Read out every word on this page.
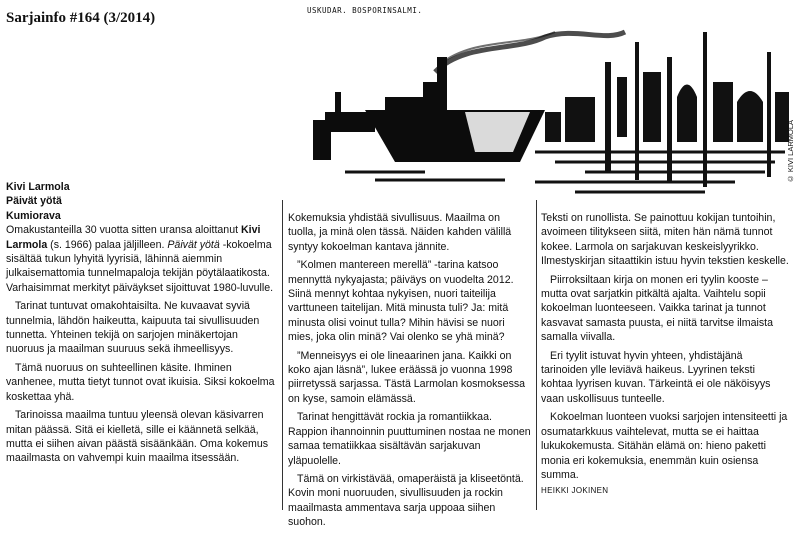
Sarjainfo #164 (3/2014)	USKUDAR. BOSPORINSALMI.
© KIVI LARMOLA
Kivi Larmola
Päivät yötä
Kumiorava

Omakustanteilla 30 vuotta sitten uransa aloittanut Kivi Larmola (s. 1966) palaa jäljilleen. Päivät yötä -kokoelma sisältää tukun lyhyitä lyyrisiä, lähinnä aiemmin julkaisemattomia tunnelmapaloja tekijän pöytälaatikosta. Varhaisimmat merkityt päiväykset sijoittuvat 1980-luvulle.

Tarinat tuntuvat omakohtaisilta. Ne kuvaavat syviä tunnelmia, lähdön haikeutta, kaipuuta tai sivullisuuden tunnetta. Yhteinen tekijä on sarjojen minäkertojan nuoruus ja maailman suuruus sekä ihmeellisyys.

Tämä nuoruus on suhteellinen käsite. Ihminen vanhenee, mutta tietyt tunnot ovat ikuisia. Siksi kokoelma koskettaa yhä.

Tarinoissa maailma tuntuu yleensä olevan käsivarren mitan päässä. Sitä ei kielletä, sille ei käännetä selkää, mutta ei siihen aivan päästä sisäänkään. Oma kokemus maailmasta on vahvempi kuin maailma itsessään.

Kokemuksia yhdistää sivullisuus. Maailma on tuolla, ja minä olen tässä. Näiden kahden välillä syntyy kokoelman kantava jännite.

”Kolmen mantereen merellä” -tarina katsoo mennyttä nykyajasta; päiväys on vuodelta 2012. Siinä mennyt kohtaa nykyisen, nuori taiteilija varttuneen taitelijan. Mitä minusta tuli? Ja: mitä minusta olisi voinut tulla? Mihin hävisi se nuori mies, joka olin minä? Vai olenko se yhä minä?

”Menneisyys ei ole lineaarinen jana. Kaikki on koko ajan läsnä”, lukee eräässä jo vuonna 1998 piirretyssä sarjassa. Tästä Larmolan kosmoksessa on kyse, samoin elämässä.

Tarinat hengittävät rockia ja romantiikkaa. Rappion ihannoinnin puuttuminen nostaa ne monen samaa tematiikkaa sisältävän sarjakuvan yläpuolelle.

Tämä on virkistävää, omaperäistä ja kliseetöntä. Kovin moni nuoruuden, sivullisuuden ja rockin maailmasta ammentava sarja uppoaa siihen suohon.

Teksti on runollista. Se painottuu kokijan tuntoihin, avoimeen tilitykseen siitä, miten hän nämä tunnot kokee. Larmola on sarjakuvan keskeislyyrikko. Ilmestyskirjan sitaattikin istuu hyvin tekstien keskelle.

Piirroksiltaan kirja on monen eri tyylin kooste – mutta ovat sarjatkin pitkältä ajalta. Vaihtelu sopii kokoelman luonteeseen. Vaikka tarinat ja tunnot kasvavat samasta puusta, ei niitä tarvitse ilmaista samalla viivalla.

Eri tyylit istuvat hyvin yhteen, yhdistäjänä tarinoiden ylle leviävä haikeus. Lyyrinen teksti kohtaa lyyrisen kuvan. Tärkeintä ei ole näköisyys vaan uskollisuus tunteelle.

Kokoelman luonteen vuoksi sarjojen intensiteetti ja osumatarkkuus vaihtelevat, mutta se ei haittaa lukukokemusta. Sitähän elämä on: hieno paketti monia eri kokemuksia, enemmän kuin osiensa summa.

HEIKKI JOKINEN
